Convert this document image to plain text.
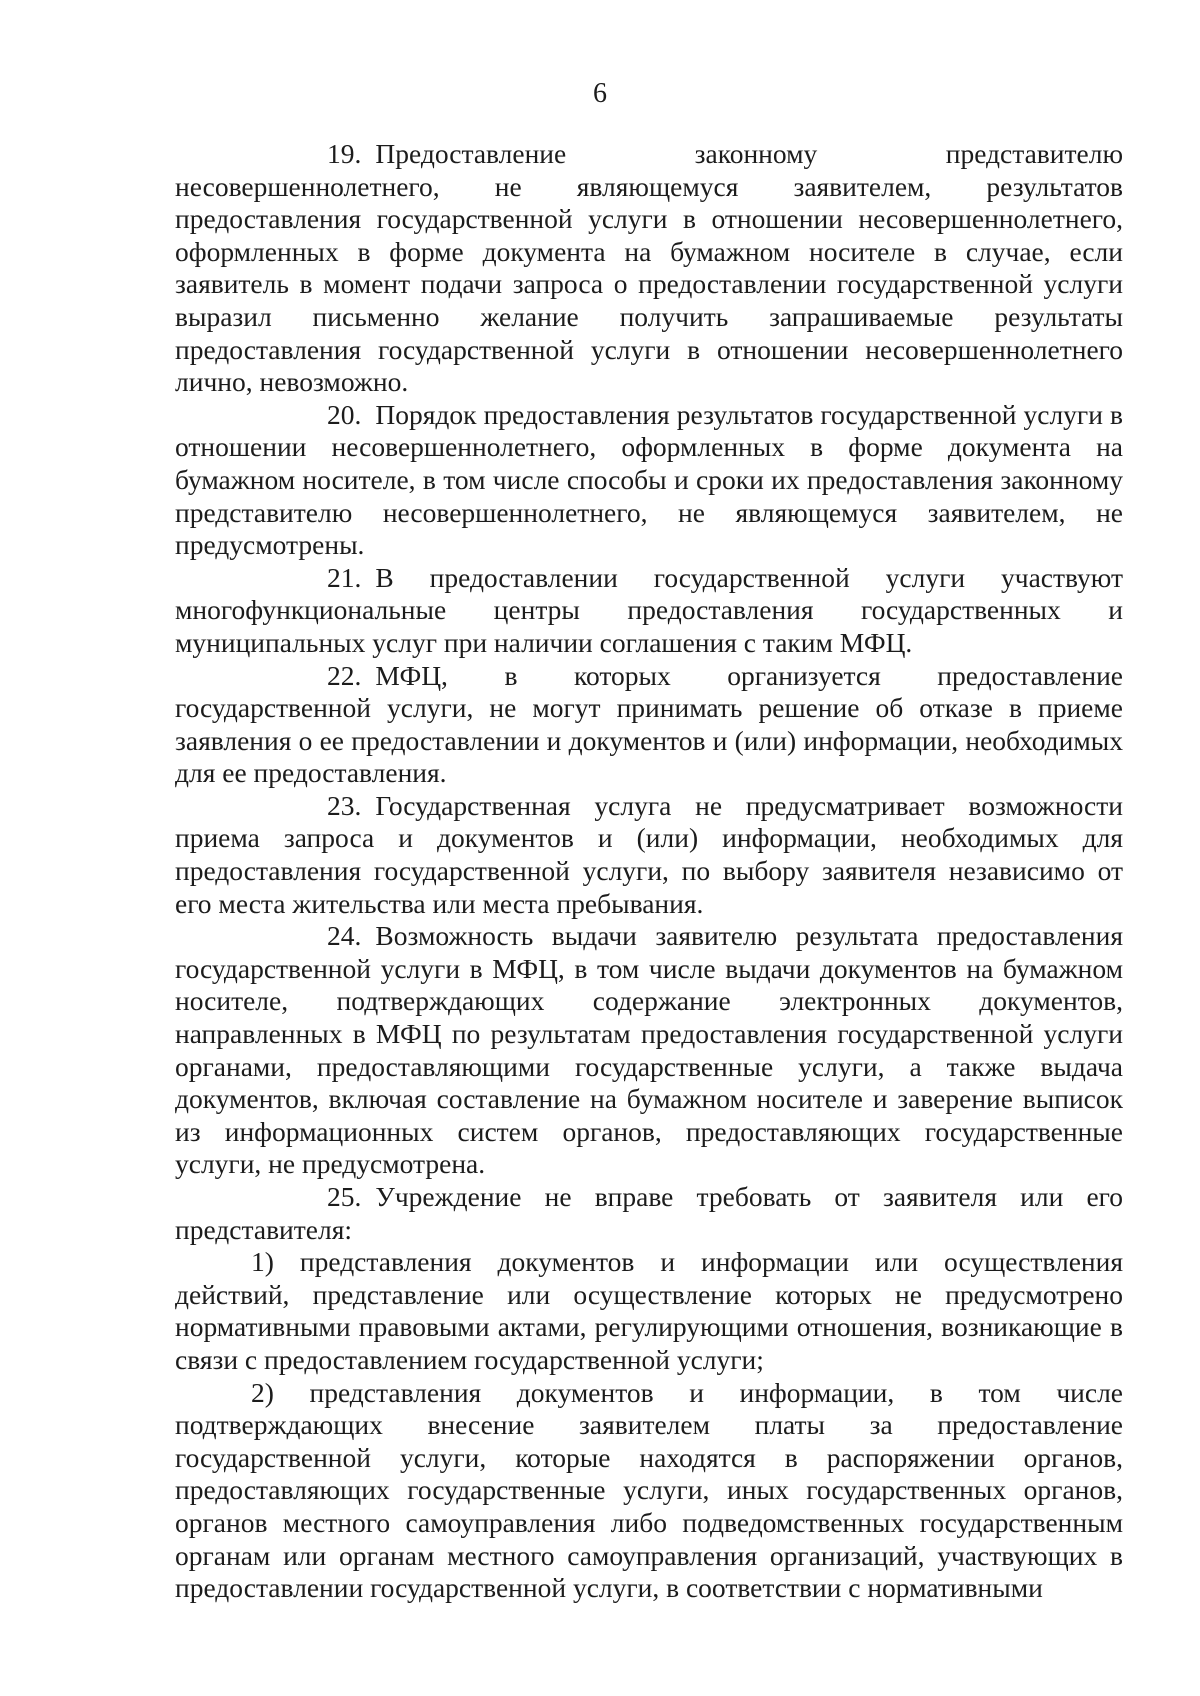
6

19. Предоставление законному представителю несовершеннолетнего, не являющемуся заявителем, результатов предоставления государственной услуги в отношении несовершеннолетнего, оформленных в форме документа на бумажном носителе в случае, если заявитель в момент подачи запроса о предоставлении государственной услуги выразил письменно желание получить запрашиваемые результаты предоставления государственной услуги в отношении несовершеннолетнего лично, невозможно.

20. Порядок предоставления результатов государственной услуги в отношении несовершеннолетнего, оформленных в форме документа на бумажном носителе, в том числе способы и сроки их предоставления законному представителю несовершеннолетнего, не являющемуся заявителем, не предусмотрены.

21. В предоставлении государственной услуги участвуют многофункциональные центры предоставления государственных и муниципальных услуг при наличии соглашения с таким МФЦ.

22. МФЦ, в которых организуется предоставление государственной услуги, не могут принимать решение об отказе в приеме заявления о ее предоставлении и документов и (или) информации, необходимых для ее предоставления.

23. Государственная услуга не предусматривает возможности приема запроса и документов и (или) информации, необходимых для предоставления государственной услуги, по выбору заявителя независимо от его места жительства или места пребывания.

24. Возможность выдачи заявителю результата предоставления государственной услуги в МФЦ, в том числе выдачи документов на бумажном носителе, подтверждающих содержание электронных документов, направленных в МФЦ по результатам предоставления государственной услуги органами, предоставляющими государственные услуги, а также выдача документов, включая составление на бумажном носителе и заверение выписок из информационных систем органов, предоставляющих государственные услуги, не предусмотрена.

25. Учреждение не вправе требовать от заявителя или его представителя:

1) представления документов и информации или осуществления действий, представление или осуществление которых не предусмотрено нормативными правовыми актами, регулирующими отношения, возникающие в связи с предоставлением государственной услуги;

2) представления документов и информации, в том числе подтверждающих внесение заявителем платы за предоставление государственной услуги, которые находятся в распоряжении органов, предоставляющих государственные услуги, иных государственных органов, органов местного самоуправления либо подведомственных государственным органам или органам местного самоуправления организаций, участвующих в предоставлении государственной услуги, в соответствии с нормативными
